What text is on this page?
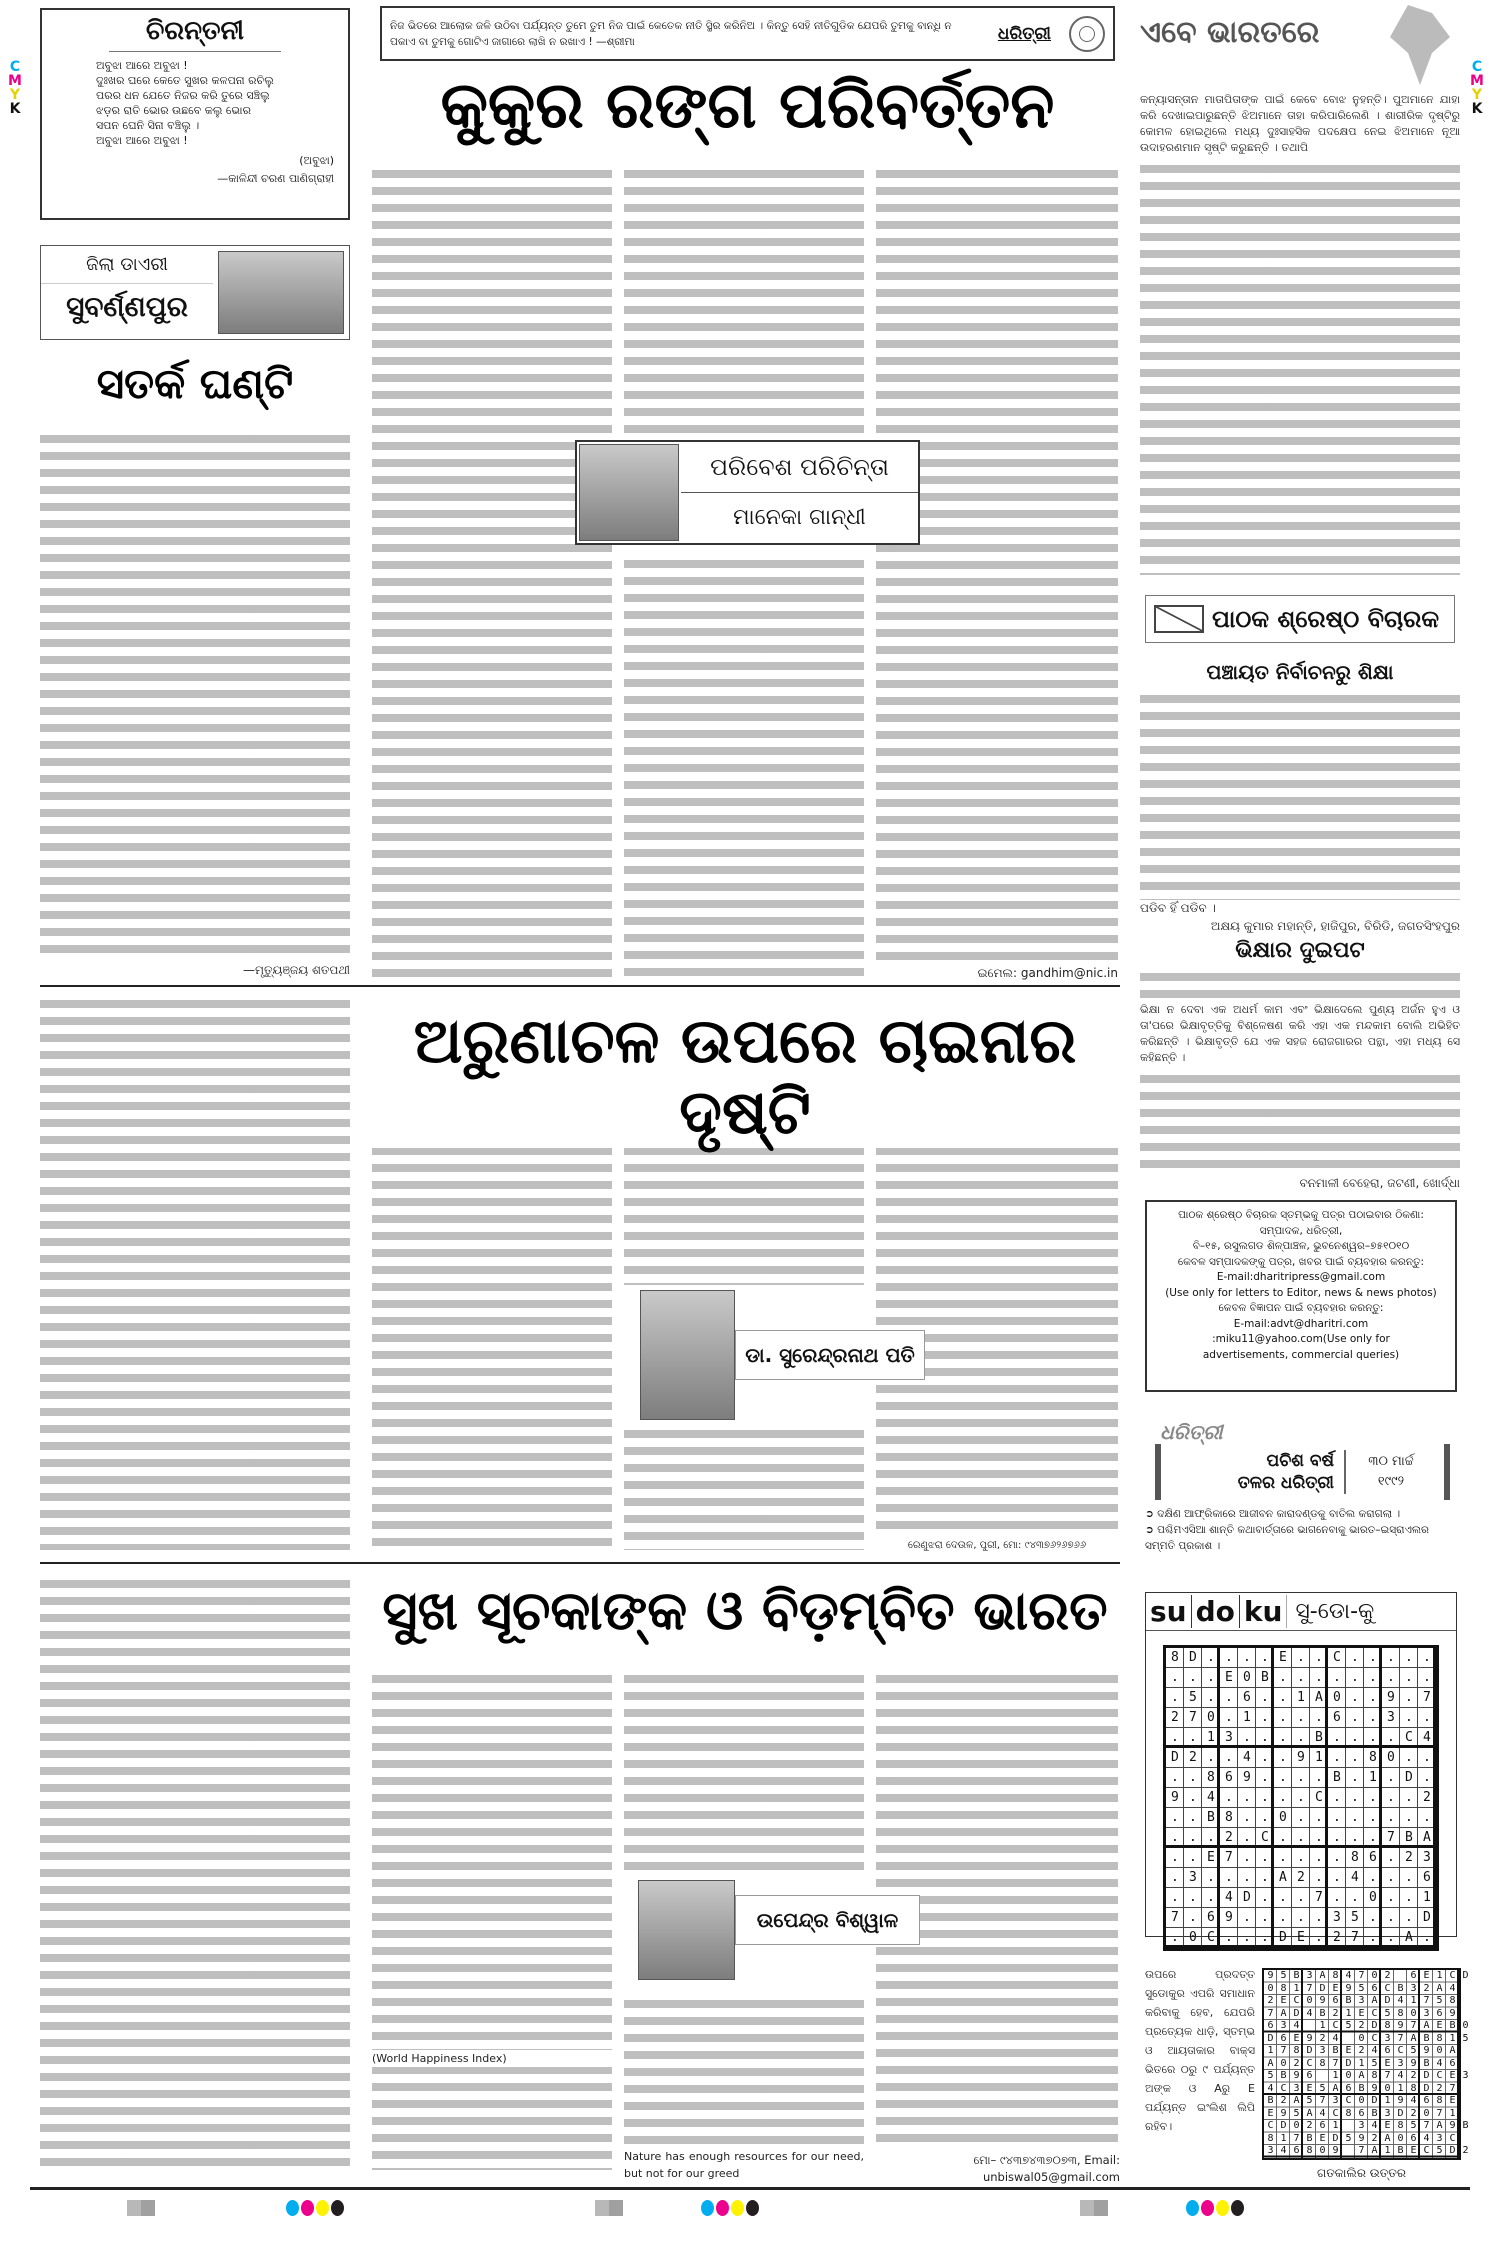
C
M
Y
K
C
M
Y
K
ଚିରନ୍ତନୀ
ଅବୁଝା ଆରେ ଅବୁଝା !
ଦୁଃଖର ଘରେ କେତେ ସୁଖର କଳପନା ରଚିଲୁ
ପରର ଧନ ଯେତେ ନିଜର କରି ତୁରେ ସଞ୍ଚିଲୁ
ଝଡ଼ର ରାତି ଭୋର ଉଛବେ କଲୁ ଭୋର
ସପନ ଘେନି ସିନା ବଞ୍ଚିଲୁ ।
ଅବୁଝା ଆରେ ଅବୁଝା !
(ଅବୁଝା)
—କାଳିନ୍ଦୀ ଚରଣ ପାଣିଗ୍ରାହୀ
ଜିଲା ଡାଏରୀ
ସୁବର୍ଣ୍ଣପୁର
ସତର୍କ ଘଣ୍ଟି
—ମୃତ୍ୟୁଞ୍ଜୟ ଶତପଥୀ
ନିଜ ଭିତରେ ଆଲୋକ ଜଳି ଉଠିବା ପର୍ଯ୍ୟନ୍ତ ତୁମେ ତୁମ ନିଜ ପାଇଁ କେତେକ ନୀତି ସ୍ଥିର କରିନିଅ । କିନ୍ତୁ ସେହି ନୀତିଗୁଡିକ ଯେପରି ତୁମକୁ ବାନ୍ଧି ନ ପକାଏ ବା ତୁମକୁ ଗୋଟିଏ ଜାଗାରେ ଲାଖି ନ ରଖାଏ ! —ଶ୍ରୀମା	ଧରିତ୍ରୀ
କୁକୁର ରଙ୍ଗ ପରିବର୍ତ୍ତନ
ପରିବେଶ ପରିଚିନ୍ତା
ମାନେକା ଗାନ୍ଧୀ
ଇମେଲ: gandhim@nic.in
ଏବେ ଭାରତରେ
କନ୍ୟାସନ୍ତାନ ମାତାପିତାଙ୍କ ପାଇଁ କେବେ ବୋଝ ନୁହନ୍ତି। ପୁଅମାନେ ଯାହା କରି ଦେଖାଇପାରୁଛନ୍ତି ଝିଅମାନେ ତାହା କରିପାରିଲେଣି । ଶାରୀରିକ ଦୃଷ୍ଟିରୁ କୋମଳ ହୋଇଥିଲେ ମଧ୍ୟ ଦୁଃସାହସିକ ପଦକ୍ଷେପ ନେଇ ଝିଅମାନେ ନୂଆ ଉଦାହରଣମାନ ସୃଷ୍ଟି କରୁଛନ୍ତି । ତଥାପି
ପାଠକ ଶ୍ରେଷ୍ଠ ବିଚାରକ
ପଞ୍ଚାୟତ ନିର୍ବାଚନରୁ ଶିକ୍ଷା
ପଡିବ ହିଁ ପଡିବ ।
ଅକ୍ଷୟ କୁମାର ମହାନ୍ତି, ହାଜିପୁର, ବିରିଡି, ଜଗତସିଂହପୁର
ଭିକ୍ଷାର ଦୁଇପଟ
ଭିକ୍ଷା ନ ଦେବା ଏକ ଅଧର୍ମ କାମ ଏବଂ ଭିକ୍ଷାଦେଲେ ପୁଣ୍ୟ ଅର୍ଜନ ହୁଏ ଓ ତା'ପରେ ଭିକ୍ଷାବୃତ୍ତିକୁ ବିଶ୍ଳେଷଣ କରି ଏହା ଏକ ମନ୍ଦକାମ ବୋଲି ଅଭିହିତ କରିଛନ୍ତି । ଭିକ୍ଷାବୃତ୍ତି ଯେ ଏକ ସହଜ ରୋଜଗାରର ପନ୍ଥା, ଏହା ମଧ୍ୟ ସେ କହିଛନ୍ତି ।
ବନମାଳୀ ବେହେରା, ଜଟଣୀ, ଖୋର୍ଦ୍ଧା
ପାଠକ ଶ୍ରେଷ୍ଠ ବିଚାରକ ସ୍ତମ୍ଭକୁ ପତ୍ର ପଠାଇବାର ଠିକଣା:
ସମ୍ପାଦକ, ଧରିତ୍ରୀ,
ବି–୧୫, ରସୁଲଗଡ ଶିଳ୍ପାଞ୍ଚଳ, ଭୁବନେଶ୍ୱର–୭୫୧୦୧୦
କେବଳ ସମ୍ପାଦକଙ୍କୁ ପତ୍ର, ଖବର ପାଇଁ ବ୍ୟବହାର କରନ୍ତୁ:
E-mail:dharitripress@gmail.com
(Use only for letters to Editor, news & news photos)
କେବଳ ବିଜ୍ଞାପନ ପାଇଁ ବ୍ୟବହାର କରନ୍ତୁ:
E-mail:advt@dharitri.com
:miku11@yahoo.com(Use only for
advertisements, commercial queries)
ଧରିତ୍ରୀ
ପଚିଶ ବର୍ଷ
ତଳର ଧରିତ୍ରୀ
୩୦ ମାର୍ଚ୍ଚ
୧୯୯୨
➲ ଦକ୍ଷିଣ ଆଫ୍ରିକାରେ ଆଜୀବନ କାରାଦଣ୍ଡକୁ ବାତିଲ କରାଗଲା ।
➲ ପଶ୍ଚିମଏସିଆ ଶାନ୍ତି କଥାବାର୍ତ୍ତାରେ ଭାଗନେବାକୁ ଭାରତ–ଇସ୍ରାଏଲର ସମ୍ମତି ପ୍ରକାଶ ।
su do ku ସୁ-ଡୋ-କୁ
8D....E..C.....
...E0B.........
.5..6..1A0..9.7
270.1....6..3..
..13....B....C4
D2..4..91..80..
..869....B.1.D.
9.4.....C.....2
..B8..0........
...2.C......7BA
..E7......86.23
.3....A2..4...6
...4D...7..0..1
7.69.....35...D
.0C...DE.27..A.
ଉପରେ ପ୍ରଦତ୍ତ ସୁଡୋକୁର ଏପରି ସମାଧାନ କରିବାକୁ ହେବ, ଯେପରି ପ୍ରତ୍ୟେକ ଧାଡ଼ି, ସ୍ତମ୍ଭ ଓ ଆୟତାକାର ବାକ୍ସ ଭିତରେ ୦ରୁ ୯ ପର୍ଯ୍ୟନ୍ତ ଅଙ୍କ ଓ Aରୁ E ପର୍ଯ୍ୟନ୍ତ ଇଂଲିଶ ଲିପି ରହିବ।
95B3A84702 6E1CD
0817DE956CB32A4
2EC096B3AD41758
7AD4B21EC580369
634 1C52D897AEB0
D6E924 0C37AB815
178D3BE246C590A
A02C87D15E39B46
5B96 10A8742DCE3
4C3E5A6B9018D27
B2A573C0D19468E
E95A4C86B3D2071
CD0261 34E857A9B
817BED592A0643C
346809 7A1BEC5D2
ଗତକାଲିର ଉତ୍ତର
ଅରୁଣାଚଳ ଉପରେ ଚାଇନାର ଦୃଷ୍ଟି
ଡା. ସୁରେନ୍ଦ୍ରନାଥ ପତି
ରେଣୁଝରା ଦେଉଳ, ପୁରୀ, ମୋ: ୯୪୩୭୬୨୬୭୬୬
ସୁଖ ସୂଚକାଙ୍କ ଓ ବିଡ଼ମ୍ବିତ ଭାରତ
(World Happiness Index)
Nature has enough resources for our need, but not for our greed
ଉପେନ୍ଦ୍ର ବିଶ୍ୱାଳ
ମୋ– ୯୪୩୭୪୩୭୦୭୩, Email: unbiswal05@gmail.com
